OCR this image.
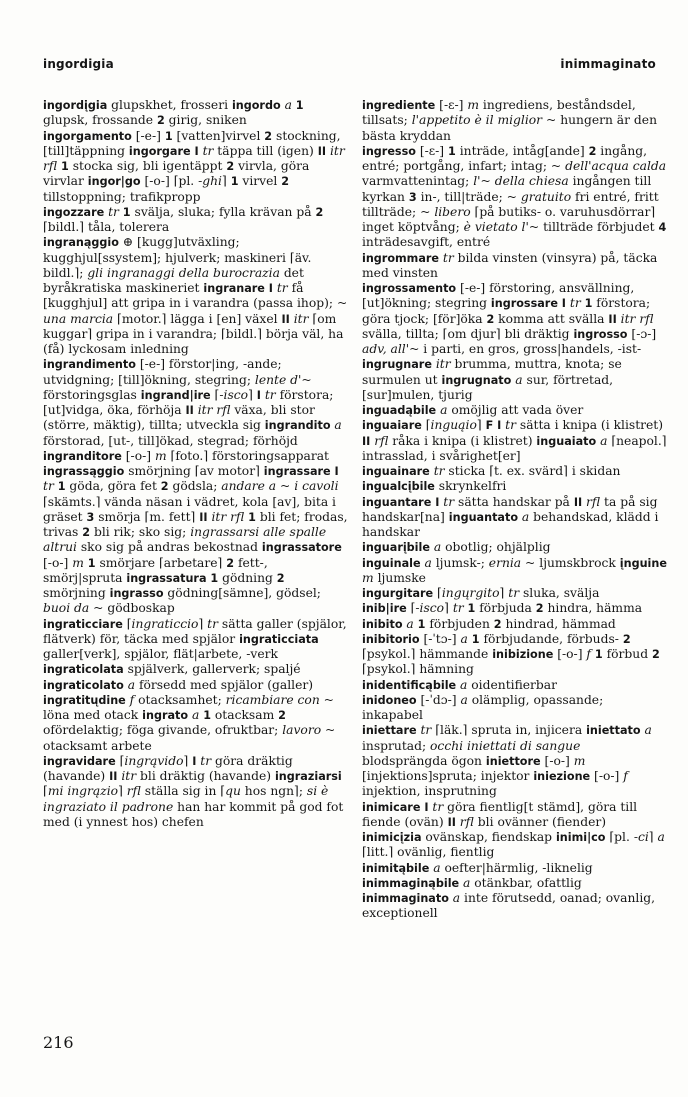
ingordigia	inimmaginato

ingordįgia glupskhet, frosseri ingordo a 1 glupsk, frossande 2 girig, sniken

ingorgamento [-e-] 1 [vatten]virvel 2 stockning, [till]täppning ingorgare I tr täppa till (igen) II itr rfl 1 stocka sig, bli igentäppt 2 virvla, göra virvlar ingor|go [-o-] ⌈pl. -ghi⌉ 1 virvel 2 tillstoppning; trafikpropp

ingozzare tr 1 svälja, sluka; fylla krävan på 2 ⌈bildl.⌉ tåla, tolerera

ingranąggio ⊕ [kugg]utväxling; kugghjul[ssystem]; hjulverk; maskineri ⌈äv. bildl.⌉; gli ingranaggi della burocrazia det byråkratiska maskineriet ingranare I tr få [kugghjul] att gripa in i varandra (passa ihop); ~ una marcia ⌈motor.⌉ lägga i [en] växel II itr ⌈om kuggar⌉ gripa in i varandra; ⌈bildl.⌉ börja väl, ha (få) lyckosam inledning

ingrandimento [-e-] förstor|ing, -ande; utvidgning; [till]ökning, stegring; lente d'~ förstoringsglas ingrand|ire ⌈-isco⌉ I tr förstora; [ut]vidga, öka, förhöja II itr rfl växa, bli stor (större, mäktig), tillta; utveckla sig ingrandito a förstorad, [ut-, till]ökad, stegrad; förhöjd ingranditore [-o-] m ⌈foto.⌉ förstoringsapparat

ingrassąggio smörjning ⌈av motor⌉ ingrassare I tr 1 göda, göra fet 2 gödsla; andare a ~ i cavoli ⌈skämts.⌉ vända näsan i vädret, kola [av], bita i gräset 3 smörja ⌈m. fett⌉ II itr rfl 1 bli fet; frodas, trivas 2 bli rik; sko sig; ingrassarsi alle spalle altrui sko sig på andras bekostnad ingrassatore [-o-] m 1 smörjare ⌈arbetare⌉ 2 fett-, smörj|spruta ingrassatura 1 gödning 2 smörjning ingrasso gödning[sämne], gödsel; buoi da ~ gödboskap

ingraticciare ⌈ingraticcio⌉ tr sätta galler (spjälor, flätverk) för, täcka med spjälor ingraticciata galler[verk], spjälor, flät|arbete, -verk

ingraticolata spjälverk, gallerverk; spaljé ingraticolato a försedd med spjälor (galler)

ingratitųdine f otacksamhet; ricambiare con ~ löna med otack ingrato a 1 otacksam 2 ofördelaktig; föga givande, ofruktbar; lavoro ~ otacksamt arbete

ingravidare ⌈ingrąvido⌉ I tr göra dräktig (havande) II itr bli dräktig (havande) ingraziarsi ⌈mi ingrązio⌉ rfl ställa sig in ⌈qu hos ngn⌉; si è ingraziato il padrone han har kommit på god fot med (i ynnest hos) chefen

ingrediente [-ε-] m ingrediens, beståndsdel, tillsats; l'appetito è il miglior ~ hungern är den bästa kryddan

ingresso [-ε-] 1 inträde, intåg[ande] 2 ingång, entré; portgång, infart; intag; ~ dell'acqua calda varmvattenintag; l'~ della chiesa ingången till kyrkan 3 in-, till|träde; ~ gratuito fri entré, fritt tillträde; ~ libero ⌈på butiks- o. varuhusdörrar⌉ inget köptvång; è vietato l'~ tillträde förbjudet 4 inträdesavgift, entré

ingrommare tr bilda vinsten (vinsyra) på, täcka med vinsten

ingrossamento [-e-] förstoring, ansvällning, [ut]ökning; stegring ingrossare I tr 1 förstora; göra tjock; [för]öka 2 komma att svälla II itr rfl svälla, tillta; ⌈om djur⌉ bli dräktig ingrosso [-ɔ-] adv, all'~ i parti, en gros, gross|handels, -ist-

ingrugnare itr brumma, muttra, knota; se surmulen ut ingrugnato a sur, förtretad, [sur]mulen, tjurig

inguadąbile a omöjlig att vada över

inguaiare ⌈inguąio⌉ F I tr sätta i knipa (i klistret) II rfl råka i knipa (i klistret) inguaiato a ⌈neapol.⌉ intrasslad, i svårighet[er]

inguainare tr sticka ⌈t. ex. svärd⌉ i skidan

ingualcįbile skrynkelfri

inguantare I tr sätta handskar på II rfl ta på sig handskar[na] inguantato a behandskad, klädd i handskar

inguarįbile a obotlig; ohjälplig

inguinale a ljumsk-; ernia ~ ljumskbrock įnguine m ljumske

ingurgitare ⌈ingųrgito⌉ tr sluka, svälja

inib|ire ⌈-isco⌉ tr 1 förbjuda 2 hindra, hämma inibito a 1 förbjuden 2 hindrad, hämmad inibitorio [-ˈtɔ-] a 1 förbjudande, förbuds- 2 ⌈psykol.⌉ hämmande inibizione [-o-] f 1 förbud 2 ⌈psykol.⌉ hämning

inidentificąbile a oidentifierbar

inidoneo [-ˈdɔ-] a olämplig, opassande; inkapabel

iniettare tr ⌈läk.⌉ spruta in, injicera iniettato a insprutad; occhi iniettati di sangue blodsprängda ögon iniettore [-o-] m [injektions]spruta; injektor iniezione [-o-] f injektion, insprutning

inimicare I tr göra fientlig[t stämd], göra till fiende (ovän) II rfl bli ovänner (fiender) inimicįzia ovänskap, fiendskap inimi|co ⌈pl. -ci⌉ a ⌈litt.⌉ ovänlig, fientlig

inimitąbile a oefter|härmlig, -liknelig

inimmaginąbile a otänkbar, ofattlig inimmaginato a inte förutsedd, oanad; ovanlig, exceptionell

216
